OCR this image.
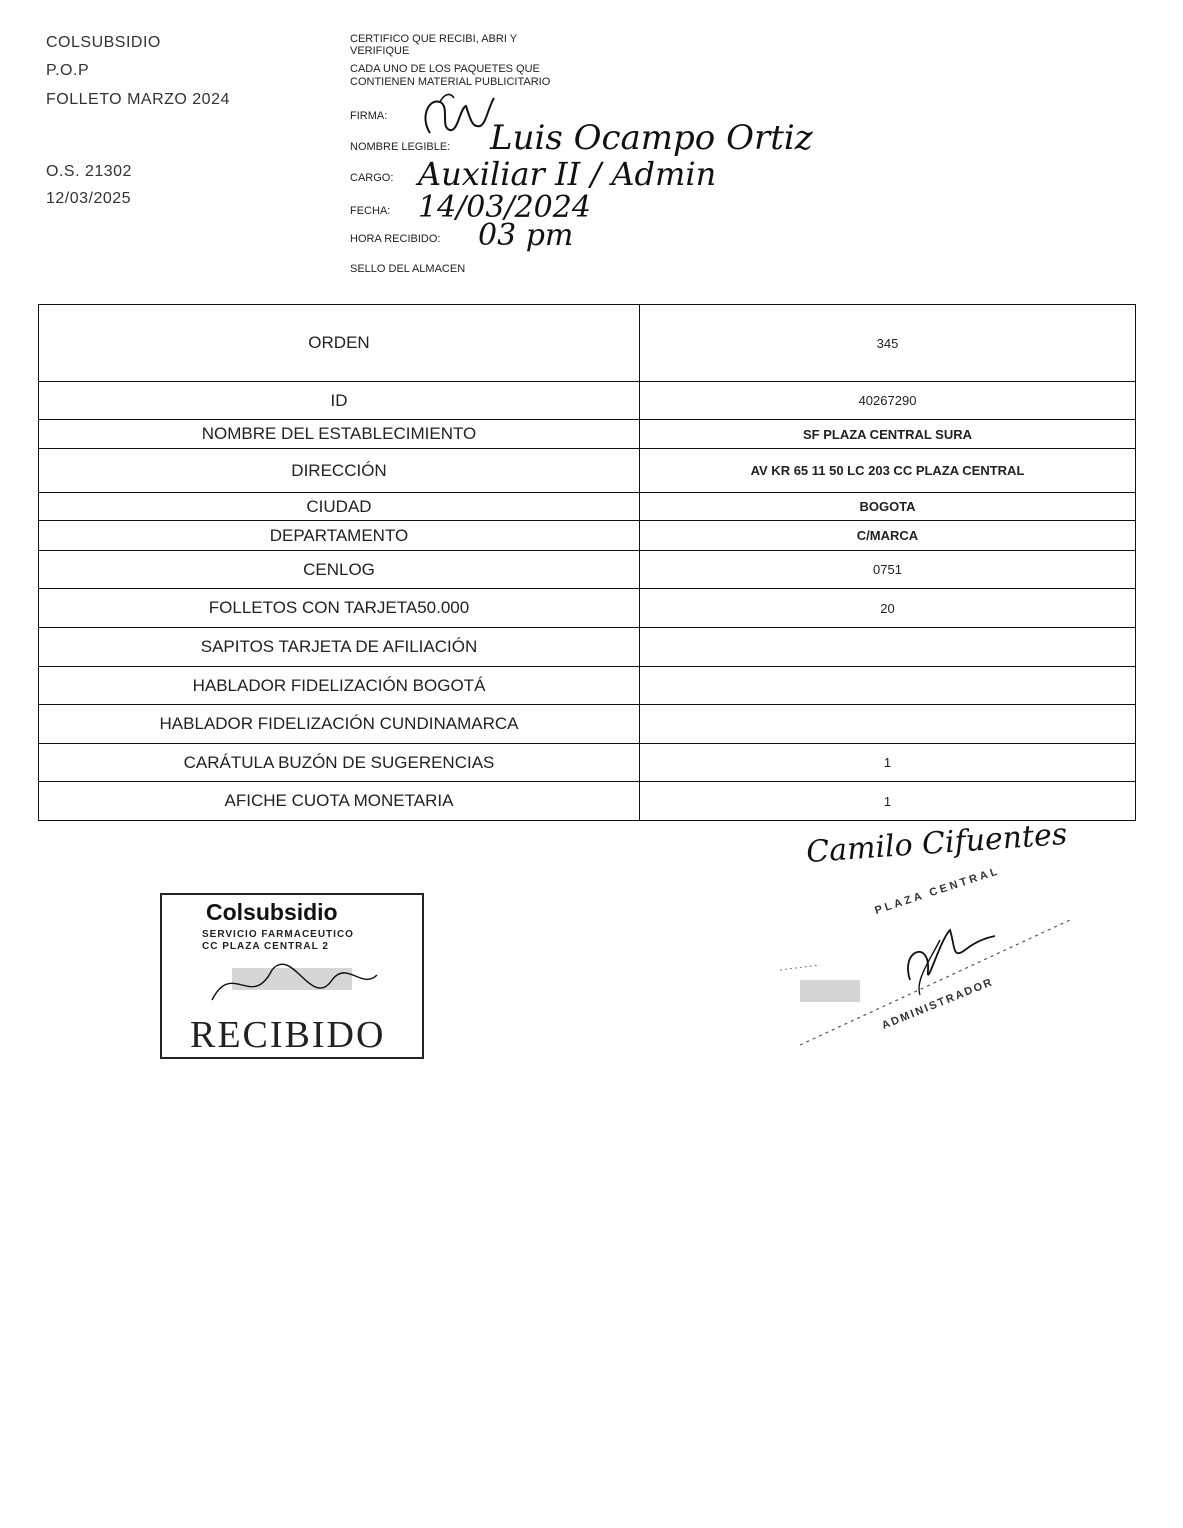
COLSUBSIDIO
P.O.P
FOLLETO MARZO 2024
O.S. 21302
12/03/2025
CERTIFICO QUE RECIBI, ABRI Y
VERIFIQUE
CADA UNO DE LOS PAQUETES QUE
CONTIENEN MATERIAL PUBLICITARIO
FIRMA:
NOMBRE LEGIBLE: Luis Ocampo Ortiz
CARGO: Auxiliar II / Admin
FECHA: 14/03/2024
HORA RECIBIDO: 03 pm
SELLO DEL ALMACEN
ORDEN	345
ID	40267290
NOMBRE DEL ESTABLECIMIENTO	SF PLAZA CENTRAL SURA
DIRECCIÓN	AV KR 65 11 50 LC 203 CC PLAZA CENTRAL
CIUDAD	BOGOTA
DEPARTAMENTO	C/MARCA
CENLOG	0751
FOLLETOS CON TARJETA50.000	20
SAPITOS TARJETA DE AFILIACIÓN	
HABLADOR FIDELIZACIÓN BOGOTÁ	
HABLADOR FIDELIZACIÓN CUNDINAMARCA	
CARÁTULA BUZÓN DE SUGERENCIAS	1
AFICHE CUOTA MONETARIA	1
Colsubsidio
SERVICIO FARMACEUTICO
CC PLAZA CENTRAL 2
RECIBIDO
Camilo Cifuentes
PLAZA CENTRAL
ADMINISTRADOR
